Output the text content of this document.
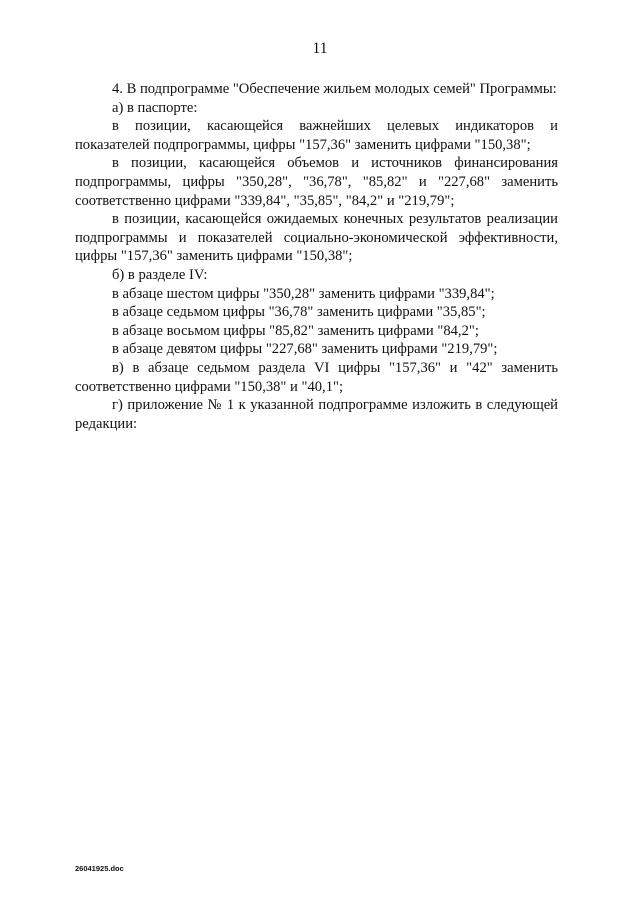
11

4. В подпрограмме "Обеспечение жильем молодых семей" Программы:

а) в паспорте:

в позиции, касающейся важнейших целевых индикаторов и показателей подпрограммы, цифры "157,36" заменить цифрами "150,38";

в позиции, касающейся объемов и источников финансирования подпрограммы, цифры "350,28", "36,78", "85,82" и "227,68" заменить соответственно цифрами "339,84", "35,85", "84,2" и "219,79";

в позиции, касающейся ожидаемых конечных результатов реализации подпрограммы и показателей социально-экономической эффективности, цифры "157,36" заменить цифрами "150,38";

б) в разделе IV:

в абзаце шестом цифры "350,28" заменить цифрами "339,84";

в абзаце седьмом цифры "36,78" заменить цифрами "35,85";

в абзаце восьмом цифры "85,82" заменить цифрами "84,2";

в абзаце девятом цифры "227,68" заменить цифрами "219,79";

в) в абзаце седьмом раздела VI цифры "157,36" и "42" заменить соответственно цифрами "150,38" и "40,1";

г) приложение № 1 к указанной подпрограмме изложить в следующей редакции:

26041925.doc
